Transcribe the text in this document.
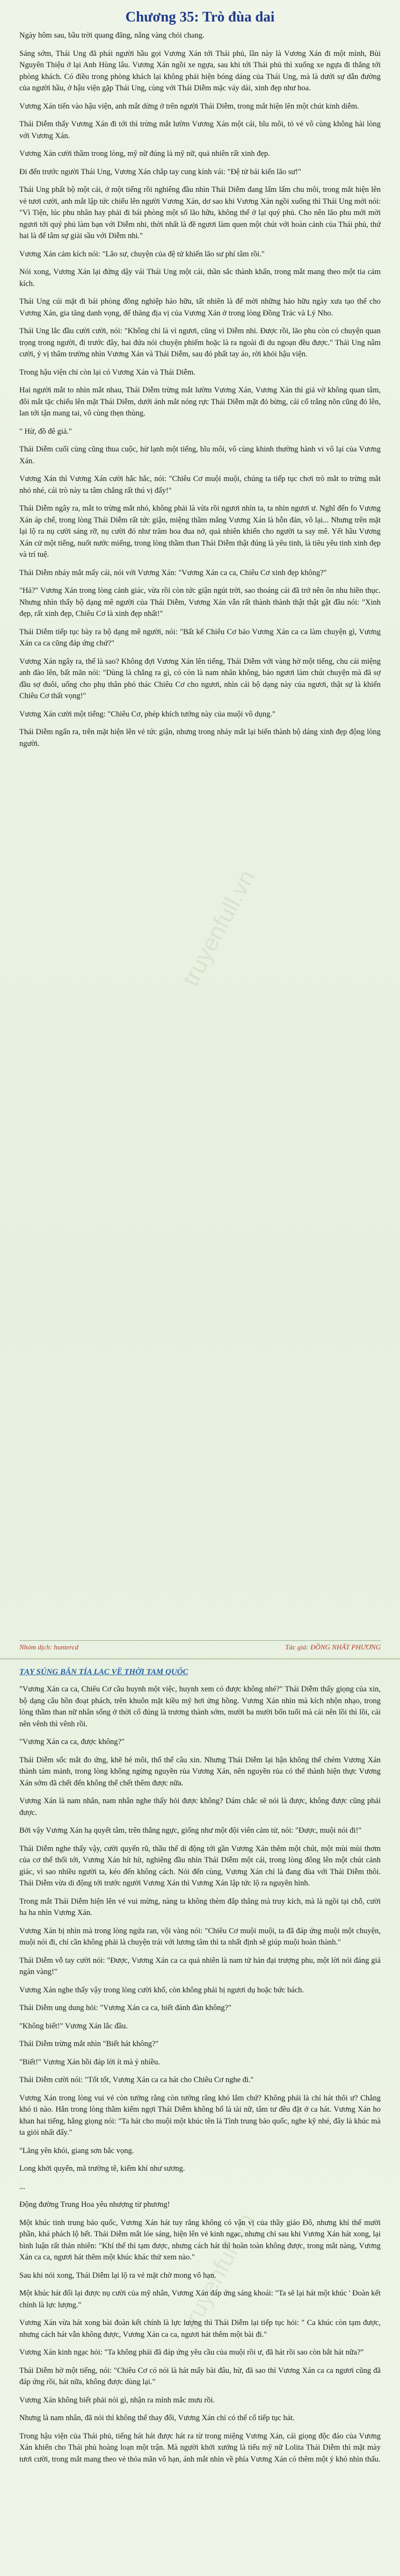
truyenfull.vn
truyenfull.vn
Chương 35: Trò đùa dai

Ngày hôm sau, bầu trời quang đãng, nắng vàng chói chang.

Sáng sớm, Thái Ung đã phái người hầu gọi Vương Xán tới Thái phủ, lần này là Vương Xán đi một mình, Bùi Nguyên Thiệu ở lại Anh Hùng lâu. Vương Xán ngồi xe ngựa, sau khi tới Thái phủ thì xuống xe ngựa đi thẳng tới phòng khách. Có điều trong phòng khách lại không phải hiện bóng dáng của Thái Ung, mà là dưới sự dẫn đường của người hầu, ở hậu viện gặp Thái Ung, cùng với Thái Diễm mặc váy dài, xinh đẹp như hoa.

Vương Xán tiến vào hậu viện, anh mắt dừng ở trên người Thái Diễm, trong mắt hiện lên một chút kinh diễm.

Thái Diễm thấy Vương Xán đi tới thì trừng mắt lườm Vương Xán một cái, bĩu môi, tỏ vẻ vô cùng không hài lòng với Vương Xán.

Vương Xán cười thầm trong lòng, mỹ nữ đúng là mỹ nữ, quả nhiên rất xinh đẹp.

Đi đến trước người Thái Ung, Vương Xán chắp tay cung kính vái: "Đệ tử bái kiến lão sư!"

Thái Ung phất bộ một cái, ở một tiếng rồi nghiêng đầu nhìn Thái Diễm đang lấm lấm chu môi, trong mắt hiện lên vẻ tươi cười, anh mắt lập tức chiếu lên người Vương Xán, dơ sao khi Vương Xán ngồi xuống thì Thái Ung mới nói: "Vì Tiện, lúc phu nhân hay phải đi bái phòng một số lão hữu, không thể ở lại quý phủ. Cho nên lão phu mới mời ngươi tới quý phủ làm bạn với Diễm nhi, thời nhất là đề ngươi làm quen một chút với hoàn cảnh của Thái phủ, thứ hai là để tâm sự giải sầu với Diễm nhi."

Vương Xán cảm kích nói: "Lão sư, chuyện của đệ tử khiến lão sư phí tâm rồi."

Nói xong, Vương Xán lại đứng dậy vái Thái Ung một cái, thần sắc thành khẩn, trong mắt mang theo một tia cảm kích.

Thái Ung cúi mặt đi bái phòng đồng nghiệp hảo hữu, tất nhiên là để mời những hảo hữu ngày xưa tạo thế cho Vương Xán, gia tăng danh vọng, để thăng địa vị của Vương Xán ở trong lòng Đồng Trác và Lý Nho.

Thái Ung lắc đầu cười cười, nói: "Không chỉ là vì ngươi, cũng vì Diễm nhi. Được rồi, lão phu còn có chuyện quan trọng trong người, đi trước đây, hai đứa nói chuyện phiếm hoặc là ra ngoài đi du ngoạn đều được." Thái Ung nâm cười, ý vị thâm trường nhìn Vương Xán và Thái Diễm, sau đó phất tay áo, rời khỏi hậu viện.

Trong hậu viện chỉ còn lại có Vương Xán và Thái Diễm.

Hai người mắt to nhìn mắt nhau, Thái Diễm trừng mắt lườm Vương Xán, Vương Xán thì giả vờ không quan tâm, đôi mắt tặc chiếu lên mặt Thái Diễm, dưới ánh mắt nóng rực Thái Diễm mặt đỏ bừng, cái cổ trắng nõn cũng đỏ lên, lan tới tận mang tai, vô cùng thẹn thùng.

" Hừ, đồ đê giả."

Thái Diễm cuối cùng cũng thua cuộc, hừ lạnh một tiếng, bĩu môi, vô cùng khinh thường hành vi vô lại của Vương Xán.

Vương Xán thì Vương Xán cười hắc hắc, nói: "Chiêu Cơ muội muội, chúng ta tiếp tục chơi trò mắt to trừng mắt nhỏ nhé, cái trò này ta tâm chẳng rất thú vị đấy!"

Thái Diễm ngây ra, mắt to trừng mắt nhỏ, không phải là vừa rồi ngươi nhìn ta, ta nhìn ngươi ư. Nghĩ đến fo Vương Xán áp chế, trong lòng Thái Diễm rất tức giận, miệng thầm mắng Vương Xán là hỗn đản, vô lại... Nhưng trên mặt lại lộ ra nụ cười sáng rỡ, nụ cười đó như trăm hoa đua nở, quả nhiên khiến cho người ta say mê. Yết hầu Vương Xán cử một tiếng, nuốt nước miếng, trong lòng thầm than Thái Diễm thật đúng là yêu tinh, là tiêu yêu tinh xinh đẹp và trí tuệ.

Thái Diễm nháy mắt mấy cái, nói với Vương Xán: "Vương Xán ca ca, Chiêu Cơ xinh đẹp không?"

"Hả?" Vương Xán trong lòng cảnh giác, vừa rồi còn tức giận ngút trời, sao thoáng cái đã trở nên ôn nhu hiền thục. Nhưng nhìn thấy bộ dạng mê người của Thái Diễm, Vương Xán vẫn rất thành thành thật thật gật đầu nói: "Xinh đẹp, rất xinh đẹp, Chiêu Cơ là xinh đẹp nhất!"

Thái Diễm tiếp tục bày ra bộ dạng mê người, nói: "Bất kể Chiêu Cơ bảo Vương Xán ca ca làm chuyện gì, Vương Xán ca ca cũng đáp ứng chứ?"

Vương Xán ngây ra, thế là sao? Không đợi Vương Xán lên tiếng, Thái Diễm với vàng hờ một tiếng, chu cái miệng anh đào lên, bất mãn nói: "Dùng là chẳng ra gì, có còn là nam nhân không, bảo ngươi làm chút chuyện mà đã sợ đầu sợ đuôi, uổng cho phụ thân phó thác Chiêu Cơ cho ngươi, nhìn cái bộ dạng này của ngươi, thật sự là khiến Chiêu Cơ thất vọng!"

Vương Xán cười một tiếng: "Chiêu Cơ, phép khích tướng này của muội vô dụng."

Thái Diễm ngẩn ra, trên mặt hiện lên vẻ tức giận, nhưng trong nháy mắt lại biến thành bộ dáng xinh đẹp động lòng người.

Nhóm dịch: huntercd	Tác giả: ĐỒNG NHẤT PHƯƠNG
TẠY SÚNG BẮN TÍA LẠC VỀ THỜI TAM QUỐC

"Vương Xán ca ca, Chiêu Cơ cầu huynh một việc, huynh xem có được không nhé?" Thái Diễm thấy giọng của xin, bộ dạng câu hồn đoạt phách, trên khuôn mặt kiều mỹ hơi ửng hồng. Vương Xán nhìn mà kích nhộn nhạo, trong lòng thầm than nữ nhân sống ở thời cổ đúng là trương thành sớm, mười ba mười bốn tuổi mà cái nên lồi thì lồi, cái nên vênh thì vênh rồi.

"Vương Xán ca ca, được không?"

Thái Diễm sốc mắt đo ứng, khẽ hé môi, thổ thể câu xin. Nhưng Thái Diễm lại hận không thể chém Vương Xán thành tám mảnh, trong lòng không ngừng nguyền rủa Vương Xán, nên nguyền rủa có thể thành hiện thực Vương Xán sớm đã chết đến không thể chết thêm được nữa.

Vương Xán là nam nhân, nam nhân nghe thấy hỏi được không? Dám chắc sẽ nói là được, không được cũng phải được.

Bởi vậy Vương Xán hạ quyết tâm, trên thắng ngực, giống như một đội viên cảm tử, nói: "Được, muội nói đi!"

Thái Diễm nghe thấy vậy, cười quyến rũ, thầu thể di động tới gần Vương Xán thêm một chút, một mùi mùi thơm của cơ thể thối tới, Vương Xán hít hít, nghiêng đầu nhìn Thái Diễm một cái, trong lòng đông lên một chút cảnh giác, vì sao nhiều người ta, kéo đến không cách. Nói đến cùng, Vương Xán chỉ là đang đùa với Thái Diễm thôi. Thái Diễm vừa di động tới trước người Vương Xán thì Vương Xán lập tức lộ ra nguyên hình.

Trong mắt Thái Diễm hiện lên vẻ vui mừng, nàng ta không thèm đắp thẳng mà truy kích, mà là ngồi tại chỗ, cười ha ha nhìn Vương Xán.

Vương Xán bị nhìn mà trong lòng ngứa ran, vội vàng nói: "Chiêu Cơ muội muội, ta đã đáp ứng muội một chuyện, muội nói đi, chỉ cần không phải là chuyện trái với lương tâm thì ta nhất định sẽ giúp muội hoàn thành."

Thái Diễm vỗ tay cười nói: "Được, Vương Xán ca ca quả nhiên là nam tử hán đại trượng phu, một lời nói đáng giá ngàn vàng!"

Vương Xán nghe thấy vậy trong lòng cười khổ, còn không phải bị ngươi dụ hoặc bức bách.

Thái Diễm ung dung hỏi: "Vương Xán ca ca, biết đánh đàn không?"

"Không biết!" Vương Xán lắc đầu.

Thái Diễm trừng mắt nhìn "Biết hát không?"

"Biết!" Vương Xán hồi đáp lời ít mà ý nhiều.

Thái Diễm cười nói: "Tốt tốt, Vương Xán ca ca hát cho Chiêu Cơ nghe đi."

Vương Xán trong lòng vui vẻ còn tưởng rằng còn tướng rằng khó lắm chứ? Không phải là chỉ hát thôi ư? Chẳng khó ti nào. Hắn trong lòng thầm kiểm ngợi Thái Diễm không hổ là tài nữ, tâm tư đều đặt ở ca hát. Vương Xán ho khan hai tiếng, hắng giọng nói: "Ta hát cho muội một khúc tên là Tình trung bảo quốc, nghe kỹ nhé, đây là khúc mà ta giỏi nhất đấy."

"Lăng yên khói, giang sơn bắc vọng.

Long khởi quyển, mã trường tê, kiếm khí như sương.

...

Động đường Trung Hoa yêu nhượng từ phương!

Một khúc tinh trung bảo quốc, Vương Xán hát tuy rằng không có vận vị của thầy giáo Đô, nhưng khí thế mười phần, khá phách lộ hết. Thái Diễm mắt lóe sáng, hiện lên vẻ kinh ngạc, nhưng chỉ sau khi Vương Xán hát xong, lại bình luận rất thản nhiên: "Khí thế thì tạm được, nhưng cách hát thì hoàn toàn không được, trong mắt nàng, Vương Xán ca ca, ngươi hát thêm một khúc khác thử xem nào."

Sau khi nói xong, Thái Diễm lại lộ ra vẻ mặt chờ mong vô hạn.

Một khúc hát đối lại được nụ cười của mỹ nhân, Vương Xán đáp ứng sáng khoái: "Ta sẽ lại hát một khúc ' Đoàn kết chính là lực lượng."

Vương Xán vừa hát xong bài đoàn kết chính là lực lượng thì Thái Diễm lại tiếp tục hỏi: " Ca khúc còn tạm được, nhưng cách hát vẫn không được, Vương Xán ca ca, ngươi hát thêm một bài đi."

Vương Xán kinh ngạc hỏi: "Ta không phải đã đáp ứng yêu cầu của muội rồi ư, đã hát rồi sao còn bắt hát nữa?"

Thái Diễm hờ một tiếng, nói: "Chiêu Cơ có nói là hát mấy bài đâu, hừ, đã sao thì Vương Xán ca ca ngươi cũng đã đáp ứng rồi, hát nữa, không được dùng lại."

Vương Xán không biết phải nói gì, nhận ra mình mắc mưu rồi.

Nhưng là nam nhân, đã nói thì không thể thay đổi, Vương Xán chỉ có thể cố tiếp tục hát.

Trong hậu viện của Thái phủ, tiếng hát hát được hát ra từ trong miệng Vương Xán, cái giọng độc đáo của Vương Xán khiến cho Thái phủ hoàng loạn một trận. Mà người khởi xướng là tiểu mỹ nữ Lolita Thái Diễm thì mặt mày tươi cười, trong mắt mang theo vẻ thỏa mãn vô hạn, ánh mắt nhìn về phía Vương Xán có thêm một ý khó nhìn thấu.
